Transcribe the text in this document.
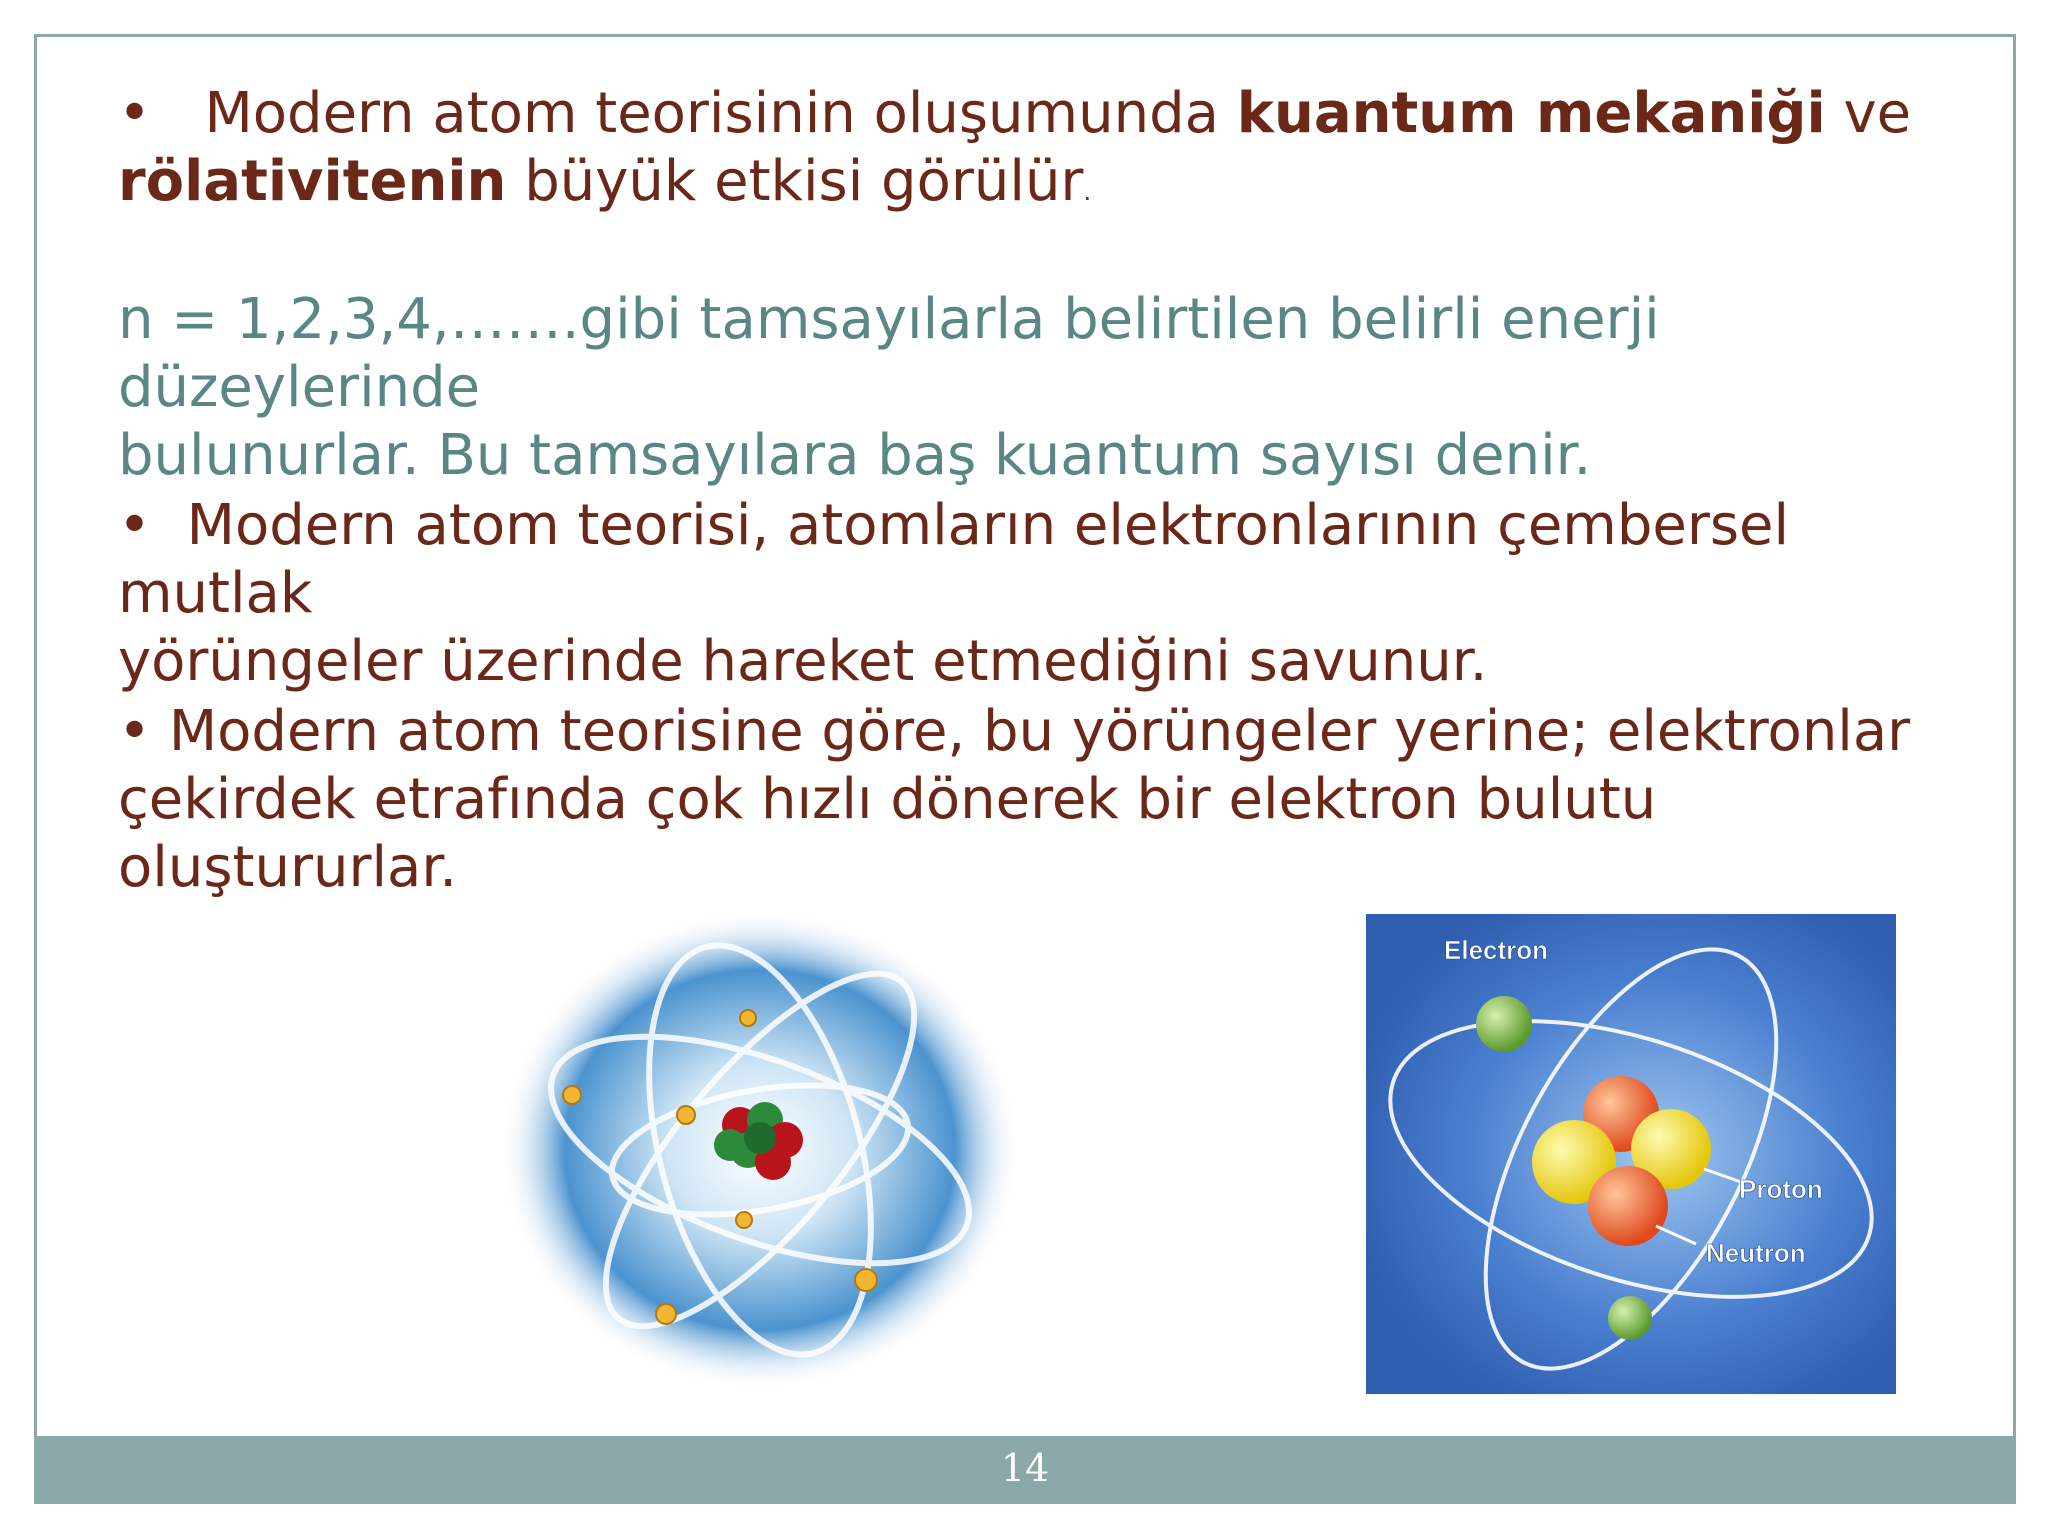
• Modern atom teorisinin oluşumunda kuantum mekaniği ve
rölativitenin büyük etkisi görülür.
n = 1,2,3,4,…….gibi tamsayılarla belirtilen belirli enerji düzeylerinde
bulunurlar. Bu tamsayılara baş kuantum sayısı denir.
• Modern atom teorisi, atomların elektronlarının çembersel mutlak
yörüngeler üzerinde hareket etmediğini savunur.
• Modern atom teorisine göre, bu yörüngeler yerine; elektronlar
çekirdek etrafında çok hızlı dönerek bir elektron bulutu
oluştururlar.
Electron
Proton
Neutron
14
